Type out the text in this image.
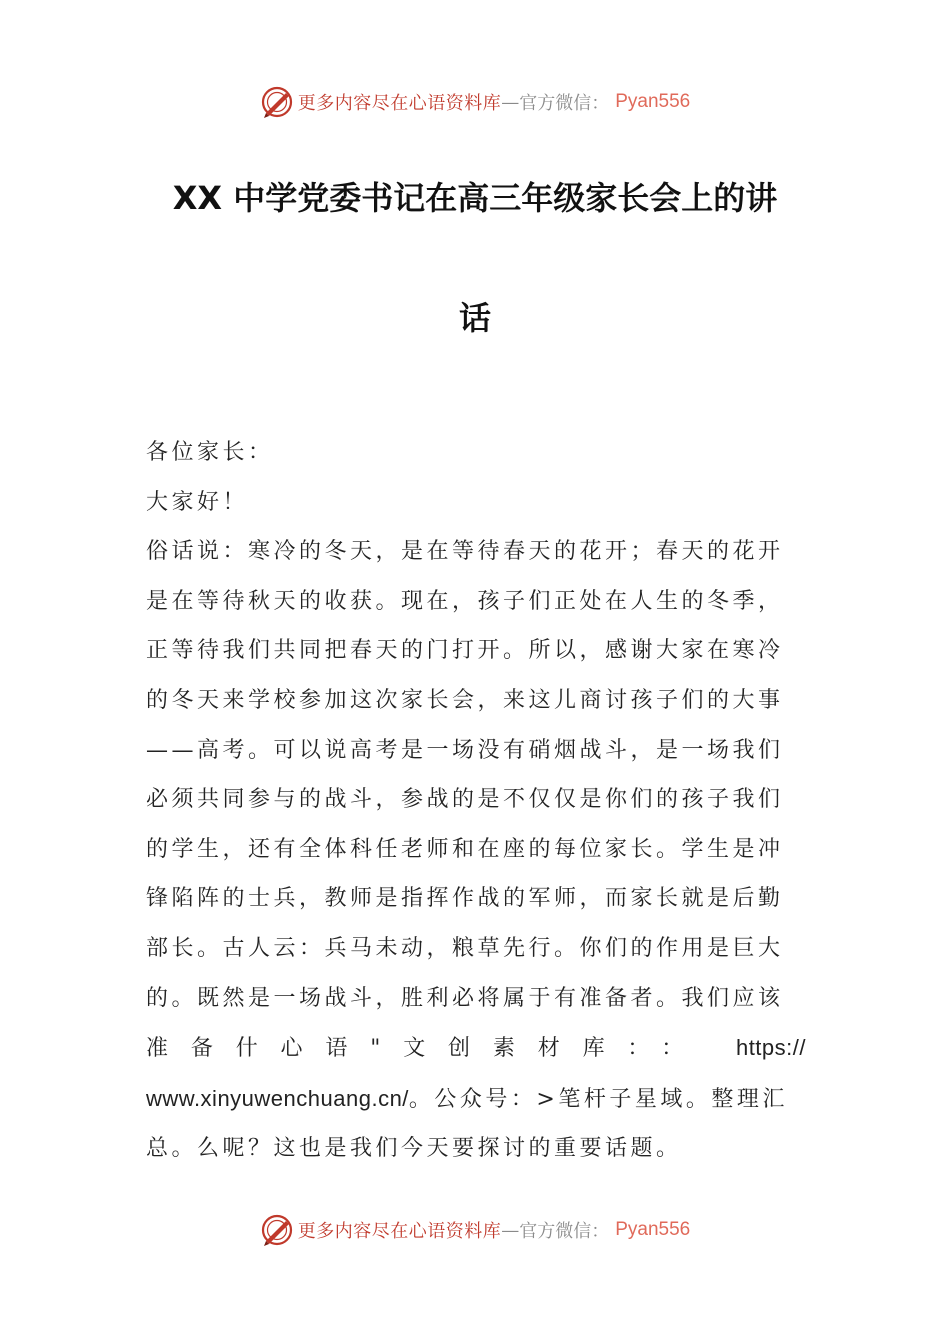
更多内容尽在心语资料库 — 官方微信： Pyan556
XX 中学党委书记在高三年级家长会上的讲
话

各位家长：

大家好！

俗话说：寒冷的冬天，是在等待春天的花开；春天的花开

是在等待秋天的收获。现在，孩子们正处在人生的冬季，

正等待我们共同把春天的门打开。所以，感谢大家在寒冷

的冬天来学校参加这次家长会，来这儿商讨孩子们的大事

——高考。可以说高考是一场没有硝烟战斗，是一场我们

必须共同参与的战斗，参战的是不仅仅是你们的孩子我们

的学生，还有全体科任老师和在座的每位家长。学生是冲

锋陷阵的士兵，教师是指挥作战的军师，而家长就是后勤

部长。古人云：兵马未动，粮草先行。你们的作用是巨大

的。既然是一场战斗，胜利必将属于有准备者。我们应该

准备什心语"文创素材库：： https://

www.xinyuwenchuang.cn/。公众号：>笔杆子星域。整理汇

总。么呢？这也是我们今天要探讨的重要话题。

更多内容尽在心语资料库 — 官方微信： Pyan556
